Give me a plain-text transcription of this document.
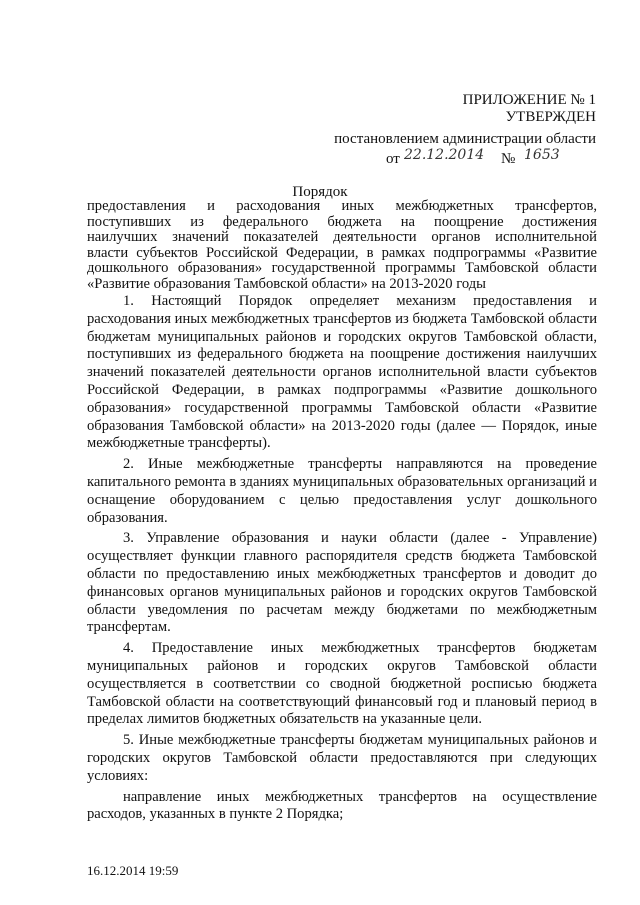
ПРИЛОЖЕНИЕ № 1
УТВЕРЖДЕН
постановлением администрации области
от 22.12.2014 № 1653
Порядок
предоставления и расходования иных межбюджетных трансфертов,
поступивших из федерального бюджета на поощрение достижения
наилучших значений показателей деятельности органов исполнительной
власти субъектов Российской Федерации, в рамках подпрограммы «Развитие
дошкольного образования» государственной программы Тамбовской области
«Развитие образования Тамбовской области» на 2013-2020 годы

1. Настоящий Порядок определяет механизм предоставления и расходования иных межбюджетных трансфертов из бюджета Тамбовской области бюджетам муниципальных районов и городских округов Тамбовской области, поступивших из федерального бюджета на поощрение достижения наилучших значений показателей деятельности органов исполнительной власти субъектов Российской Федерации, в рамках подпрограммы «Развитие дошкольного образования» государственной программы Тамбовской области «Развитие образования Тамбовской области» на 2013-2020 годы (далее — Порядок, иные межбюджетные трансферты).

2. Иные межбюджетные трансферты направляются на проведение капитального ремонта в зданиях муниципальных образовательных организаций и оснащение оборудованием с целью предоставления услуг дошкольного образования.

3. Управление образования и науки области (далее - Управление) осуществляет функции главного распорядителя средств бюджета Тамбовской области по предоставлению иных межбюджетных трансфертов и доводит до финансовых органов муниципальных районов и городских округов Тамбовской области уведомления по расчетам между бюджетами по межбюджетным трансфертам.

4. Предоставление иных межбюджетных трансфертов бюджетам муниципальных районов и городских округов Тамбовской области осуществляется в соответствии со сводной бюджетной росписью бюджета Тамбовской области на соответствующий финансовый год и плановый период в пределах лимитов бюджетных обязательств на указанные цели.

5. Иные межбюджетные трансферты бюджетам муниципальных районов и городских округов Тамбовской области предоставляются при следующих условиях:

направление иных межбюджетных трансфертов на осуществление расходов, указанных в пункте 2 Порядка;

16.12.2014 19:59
